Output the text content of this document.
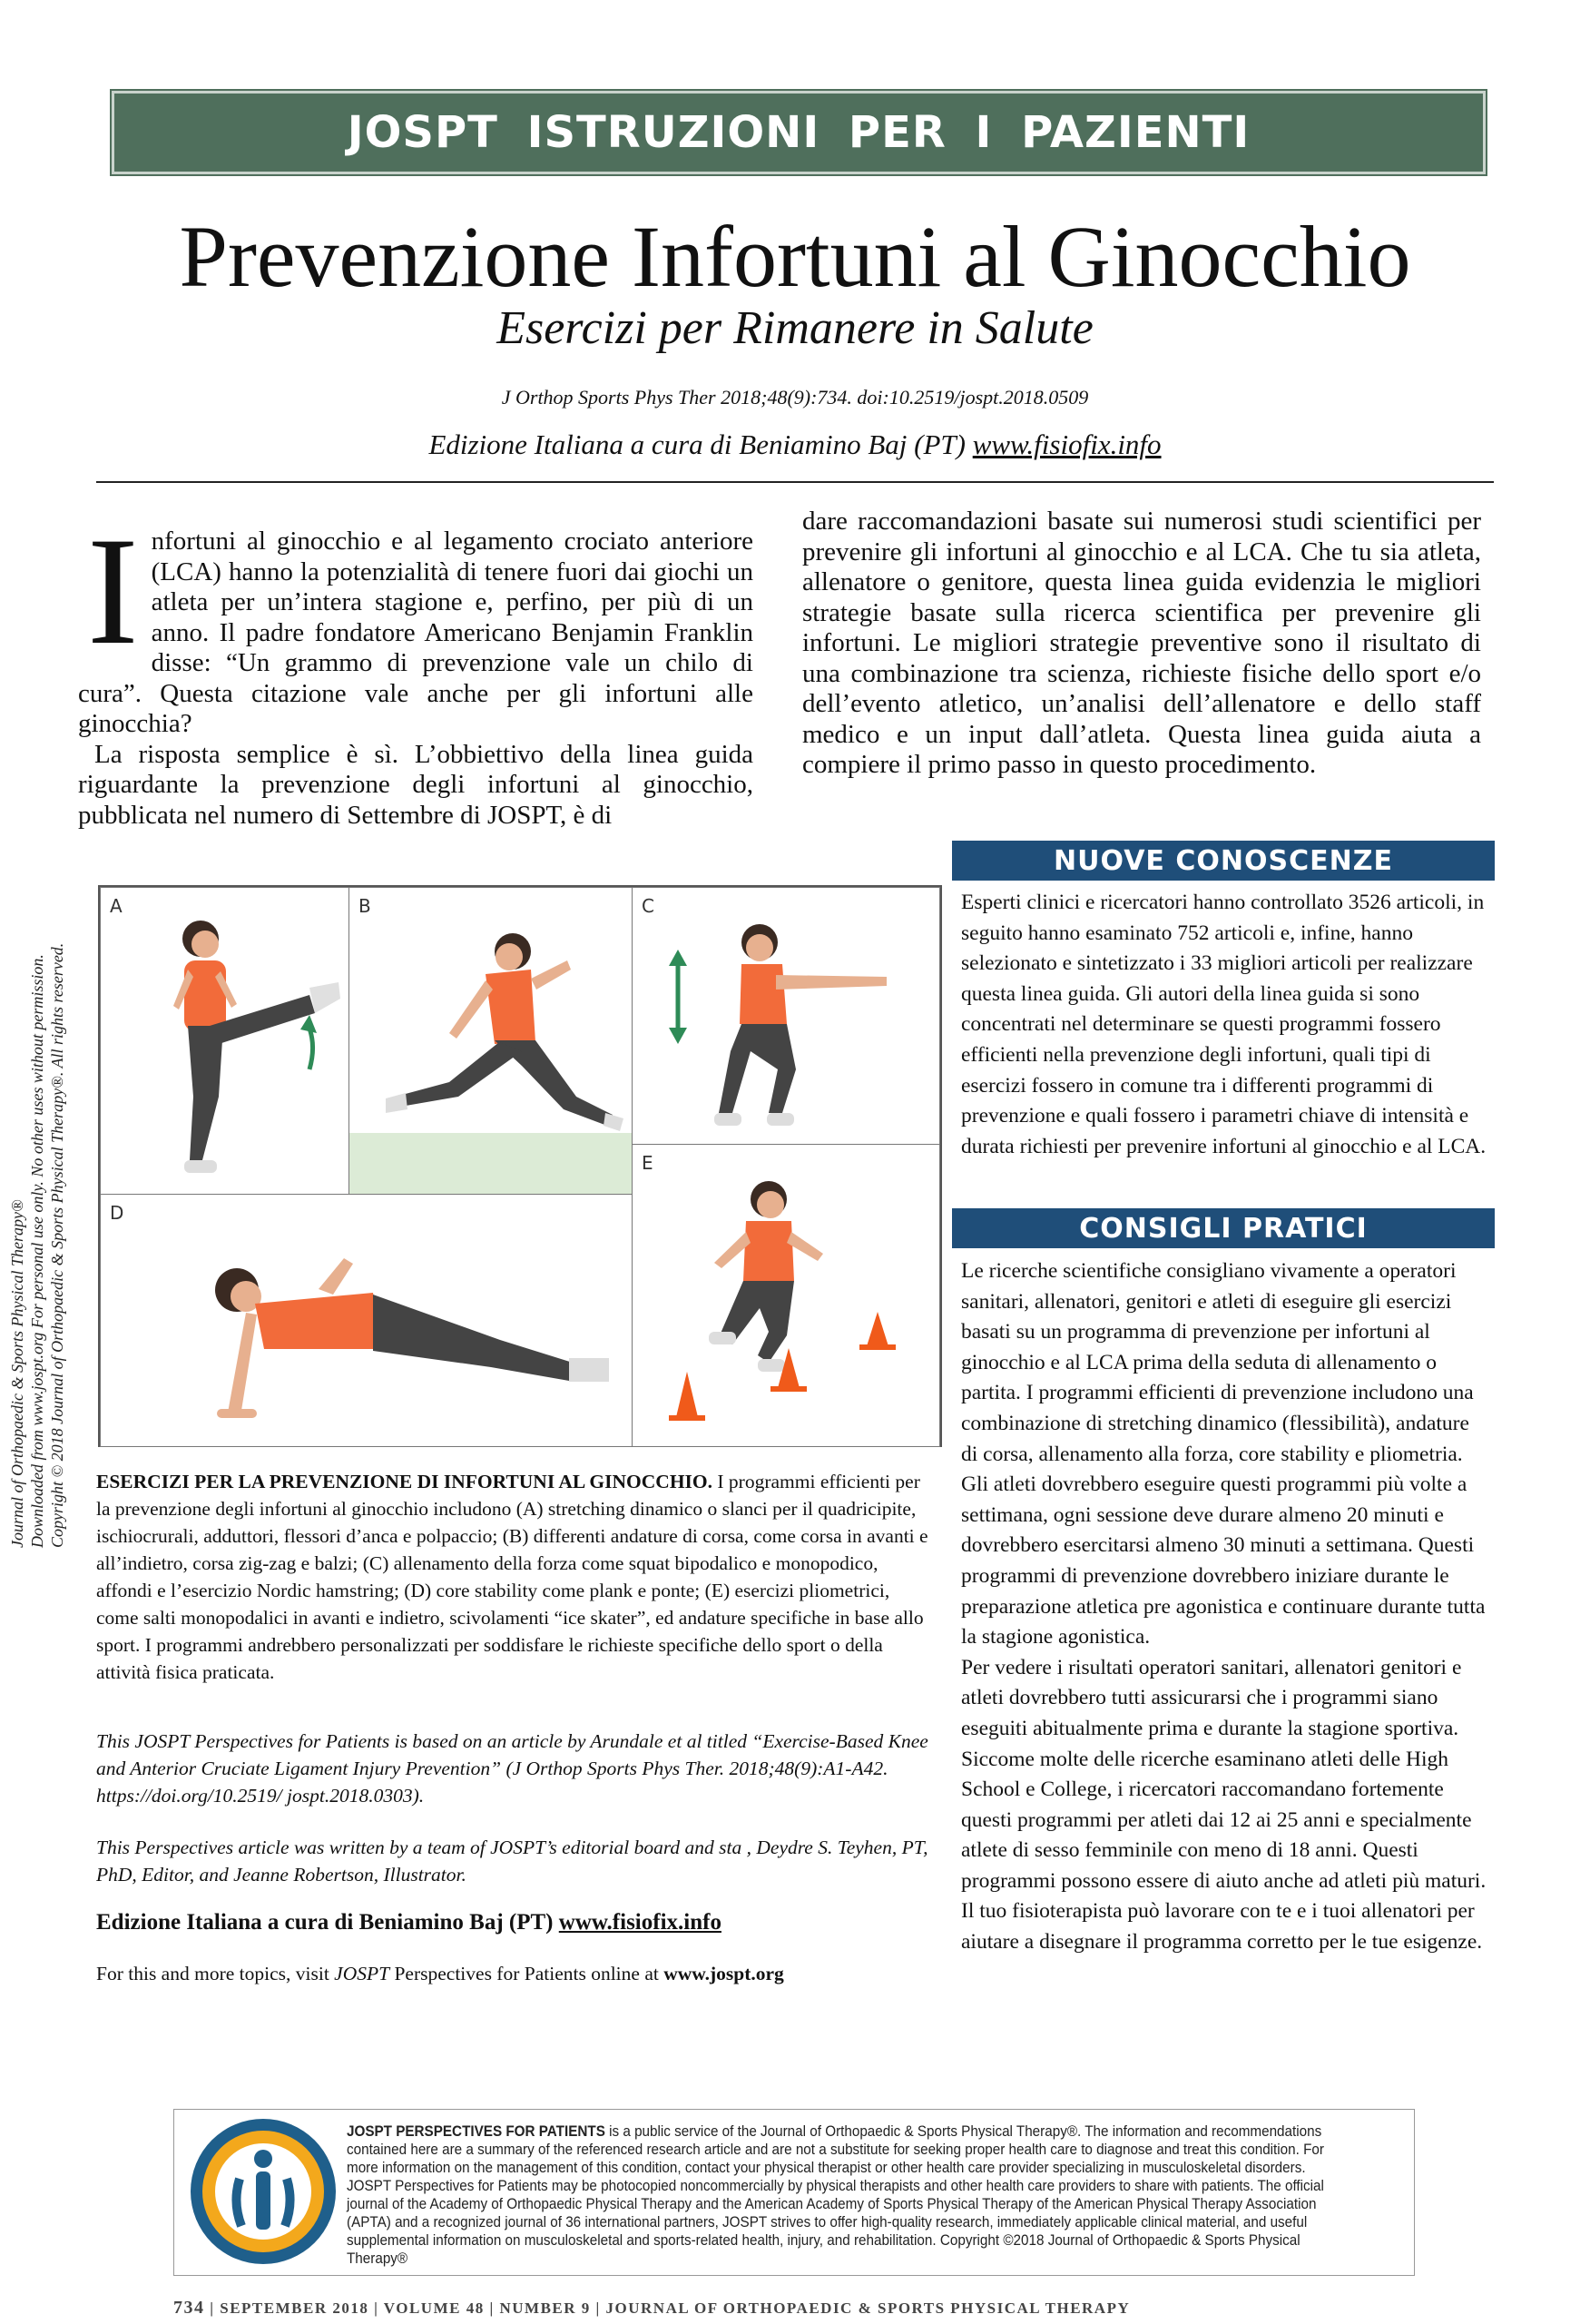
JOSPT ISTRUZIONI PER I PAZIENTI
Prevenzione Infortuni al Ginocchio
Esercizi per Rimanere in Salute
J Orthop Sports Phys Ther 2018;48(9):734. doi:10.2519/jospt.2018.0509
Edizione Italiana a cura di Beniamino Baj (PT) www.fisiofix.info
Journal of Orthopaedic & Sports Physical Therapy® Downloaded from www.jospt.org For personal use only. No other uses without permission. Copyright © 2018 Journal of Orthopaedic & Sports Physical Therapy®. All rights reserved.
Infortuni al ginocchio e al legamento crociato anteriore (LCA) hanno la potenzialità di tenere fuori dai giochi un atleta per un’intera stagione e, perfino, per più di un anno. Il padre fondatore Americano Benjamin Franklin disse: “Un grammo di prevenzione vale un chilo di cura”. Questa citazione vale anche per gli infortuni alle ginocchia?
La risposta semplice è sì. L’obbiettivo della linea guida riguardante la prevenzione degli infortuni al ginocchio, pubblicata nel numero di Settembre di JOSPT, è di
dare raccomandazioni basate sui numerosi studi scientifici per prevenire gli infortuni al ginocchio e al LCA. Che tu sia atleta, allenatore o genitore, questa linea guida evidenzia le migliori strategie basate sulla ricerca scientifica per prevenire gli infortuni. Le migliori strategie preventive sono il risultato di una combinazione tra scienza, richieste fisiche dello sport e/o dell’evento atletico, un’analisi dell’allenatore e dello staff medico e un input dall’atleta. Questa linea guida aiuta a compiere il primo passo in questo procedimento.
NUOVE CONOSCENZE
Esperti clinici e ricercatori hanno controllato 3526 articoli, in seguito hanno esaminato 752 articoli e, infine, hanno selezionato e sintetizzato i 33 migliori articoli per realizzare questa linea guida. Gli autori della linea guida si sono concentrati nel determinare se questi programmi fossero efficienti nella prevenzione degli infortuni, quali tipi di esercizi fossero in comune tra i differenti programmi di prevenzione e quali fossero i parametri chiave di intensità e durata richiesti per prevenire infortuni al ginocchio e al LCA.
CONSIGLI PRATICI

Le ricerche scientifiche consigliano vivamente a operatori sanitari, allenatori, genitori e atleti di eseguire gli esercizi basati su un programma di prevenzione per infortuni al ginocchio e al LCA prima della seduta di allenamento o partita. I programmi efficienti di prevenzione includono una combinazione di stretching dinamico (flessibilità), andature di corsa, allenamento alla forza, core stability e pliometria.

Gli atleti dovrebbero eseguire questi programmi più volte a settimana, ogni sessione deve durare almeno 20 minuti e dovrebbero esercitarsi almeno 30 minuti a settimana. Questi programmi di prevenzione dovrebbero iniziare durante le preparazione atletica pre agonistica e continuare durante tutta la stagione agonistica.

Per vedere i risultati operatori sanitari, allenatori genitori e atleti dovrebbero tutti assicurarsi che i programmi siano eseguiti abitualmente prima e durante la stagione sportiva. Siccome molte delle ricerche esaminano atleti delle High School e College, i ricercatori raccomandano fortemente questi programmi per atleti dai 12 ai 25 anni e specialmente atlete di sesso femminile con meno di 18 anni. Questi programmi possono essere di aiuto anche ad atleti più maturi. Il tuo fisioterapista può lavorare con te e i tuoi allenatori per aiutare a disegnare il programma corretto per le tue esigenze.

A	B	C
D
E
ESERCIZI PER LA PREVENZIONE DI INFORTUNI AL GINOCCHIO. I programmi efficienti per la prevenzione degli infortuni al ginocchio includono (A) stretching dinamico o slanci per il quadricipite, ischiocrurali, adduttori, flessori d’anca e polpaccio; (B) differenti andature di corsa, come corsa in avanti e all’indietro, corsa zig-zag e balzi; (C) allenamento della forza come squat bipodalico e monopodico, affondi e l’esercizio Nordic hamstring; (D) core stability come plank e ponte; (E) esercizi pliometrici, come salti monopodalici in avanti e indietro, scivolamenti “ice skater”, ed andature specifiche in base allo sport. I programmi andrebbero personalizzati per soddisfare le richieste specifiche dello sport o della attività fisica praticata.
This JOSPT Perspectives for Patients is based on an article by Arundale et al titled “Exercise-Based Knee and Anterior Cruciate Ligament Injury Prevention” (J Orthop Sports Phys Ther. 2018;48(9):A1-A42. https://doi.org/10.2519/ jospt.2018.0303).
This Perspectives article was written by a team of JOSPT’s editorial board and sta , Deydre S. Teyhen, PT, PhD, Editor, and Jeanne Robertson, Illustrator.
Edizione Italiana a cura di Beniamino Baj (PT) www.fisiofix.info
For this and more topics, visit JOSPT Perspectives for Patients online at www.jospt.org
JOSPT PERSPECTIVES FOR PATIENTS is a public service of the Journal of Orthopaedic & Sports Physical Therapy®. The information and recommendations contained here are a summary of the referenced research article and are not a substitute for seeking proper health care to diagnose and treat this condition. For more information on the management of this condition, contact your physical therapist or other health care provider specializing in musculoskeletal disorders. JOSPT Perspectives for Patients may be photocopied noncommercially by physical therapists and other health care providers to share with patients. The official journal of the Academy of Orthopaedic Physical Therapy and the American Academy of Sports Physical Therapy of the American Physical Therapy Association (APTA) and a recognized journal of 36 international partners, JOSPT strives to offer high-quality research, immediately applicable clinical material, and useful supplemental information on musculoskeletal and sports-related health, injury, and rehabilitation. Copyright ©2018 Journal of Orthopaedic & Sports Physical Therapy®
734 | SEPTEMBER 2018 | VOLUME 48 | NUMBER 9 | JOURNAL OF ORTHOPAEDIC & SPORTS PHYSICAL THERAPY
